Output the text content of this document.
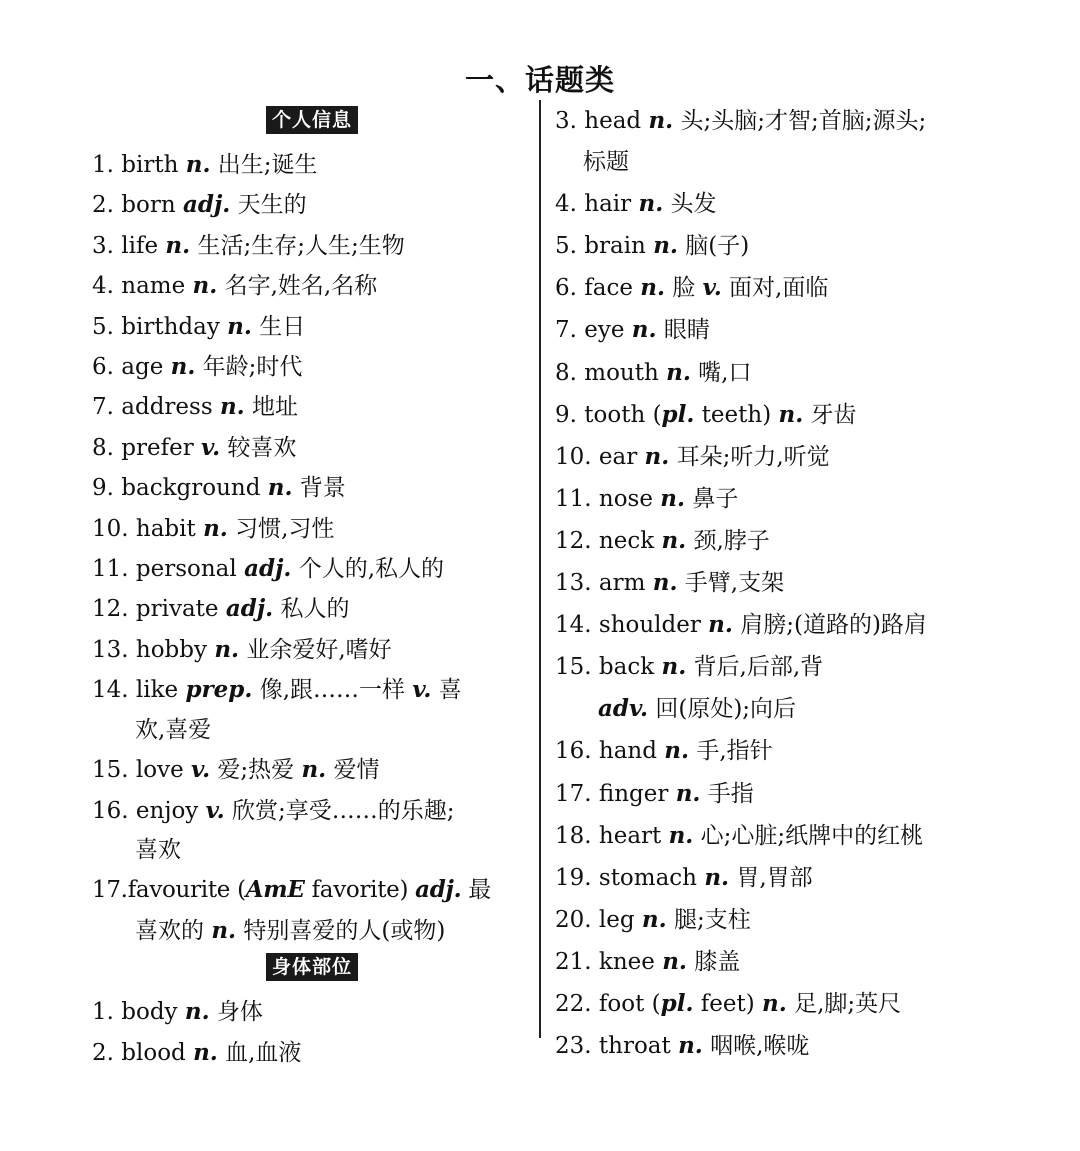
一、话题类
个人信息
1. birth n. 出生;诞生
2. born adj. 天生的
3. life n. 生活;生存;人生;生物
4. name n. 名字,姓名,名称
5. birthday n. 生日
6. age n. 年龄;时代
7. address n. 地址
8. prefer v. 较喜欢
9. background n. 背景
10. habit n. 习惯,习性
11. personal adj. 个人的,私人的
12. private adj. 私人的
13. hobby n. 业余爱好,嗜好
14. like prep. 像,跟……一样 v. 喜
欢,喜爱
15. love v. 爱;热爱 n. 爱情
16. enjoy v. 欣赏;享受……的乐趣;
喜欢
17.favourite (AmE favorite) adj. 最
喜欢的 n. 特别喜爱的人(或物)
身体部位
1. body n. 身体
2. blood n. 血,血液
3. head n. 头;头脑;才智;首脑;源头;
标题
4. hair n. 头发
5. brain n. 脑(子)
6. face n. 脸 v. 面对,面临
7. eye n. 眼睛
8. mouth n. 嘴,口
9. tooth (pl. teeth) n. 牙齿
10. ear n. 耳朵;听力,听觉
11. nose n. 鼻子
12. neck n. 颈,脖子
13. arm n. 手臂,支架
14. shoulder n. 肩膀;(道路的)路肩
15. back n. 背后,后部,背
adv. 回(原处);向后
16. hand n. 手,指针
17. finger n. 手指
18. heart n. 心;心脏;纸牌中的红桃
19. stomach n. 胃,胃部
20. leg n. 腿;支柱
21. knee n. 膝盖
22. foot (pl. feet) n. 足,脚;英尺
23. throat n. 咽喉,喉咙
